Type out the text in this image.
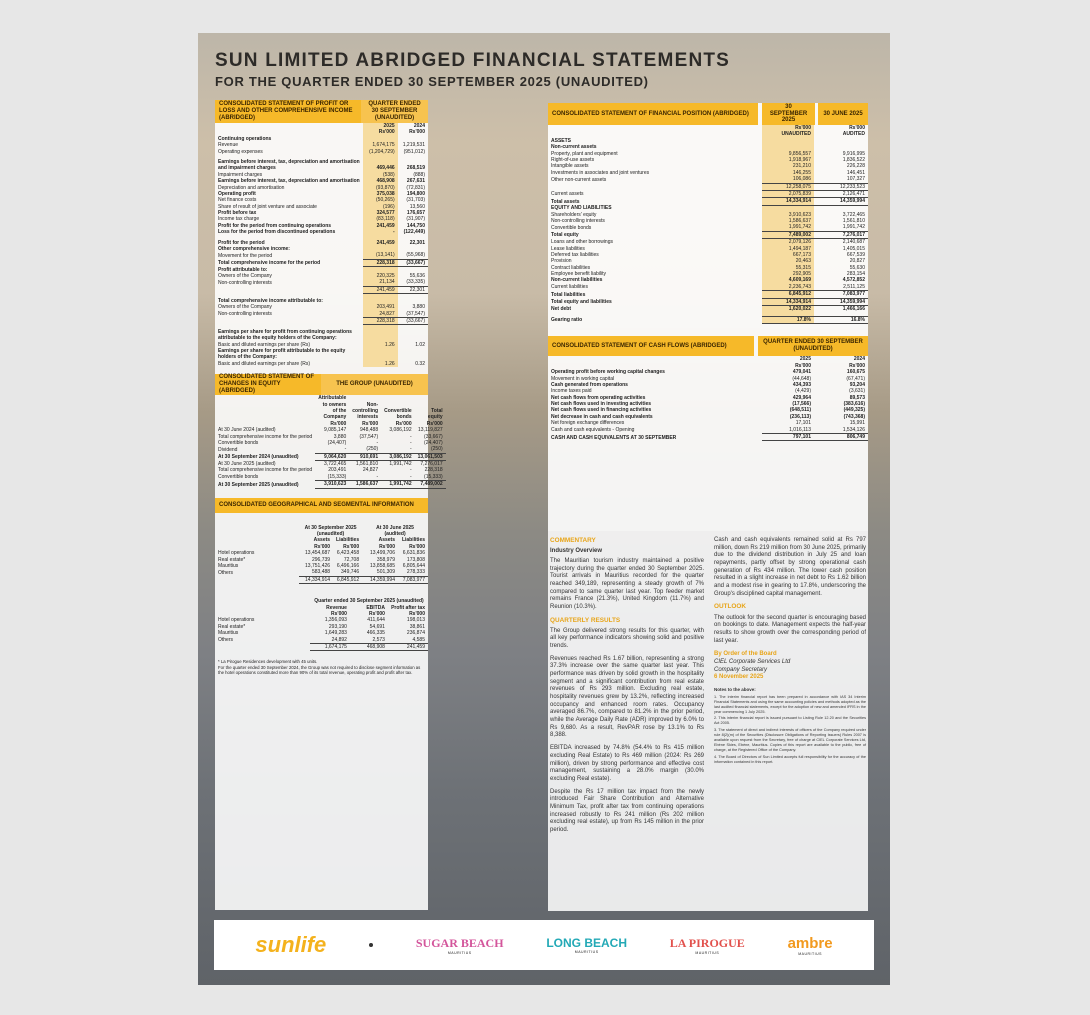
SUN LIMITED ABRIDGED FINANCIAL STATEMENTS
FOR THE QUARTER ENDED 30 SEPTEMBER 2025 (UNAUDITED)
CONSOLIDATED STATEMENT OF PROFIT OR LOSS AND OTHER COMPREHENSIVE INCOME (ABRIDGED)
QUARTER ENDED 30 SEPTEMBER (UNAUDITED)
	2025	2024
	Rs'000	Rs'000
Continuing operations		
Revenue	1,674,175	1,219,531
Operating expenses	(1,204,729)	(951,012)

Earnings before interest, tax, depreciation and amortisation and impairment charges	469,446	268,519
Impairment charges	(538)	(888)
Earnings before interest, tax, depreciation and amortisation	468,908	267,631
Depreciation and amortisation	(93,870)	(72,831)
Operating profit	375,038	194,800
Net finance costs	(50,265)	(31,703)
Share of result of joint venture and associate	(196)	13,560
Profit before tax	324,577	176,657
Income tax charge	(83,118)	(31,907)
Profit for the period from continuing operations	241,459	144,750
Loss for the period from discontinued operations	-	(122,449)

Profit for the period	241,459	22,301
Other comprehensive income:		
Movement for the period	(13,141)	(55,968)
Total comprehensive income for the period	228,318	(33,667)
Profit attributable to:		
Owners of the Company	220,325	55,636
Non-controlling interests	21,134	(33,335)
	241,459	22,301

Total comprehensive income attributable to:		
Owners of the Company	203,491	3,880
Non-controlling interests	24,827	(37,547)
	228,318	(33,667)

Earnings per share for profit from continuing operations attributable to the equity holders of the Company:		
Basic and diluted earnings per share (Rs)	1.26	1.02
Earnings per share for profit attributable to the equity holders of the Company:		
Basic and diluted earnings per share (Rs)	1.26	0.32
CONSOLIDATED STATEMENT OF CHANGES IN EQUITY (ABRIDGED)
THE GROUP (UNAUDITED)
	Attributable to owners of the Company	Non-controlling interests	Convertible bonds	Total equity
	Rs'000	Rs'000	Rs'000	Rs'000
At 30 June 2024 (audited)	9,085,147	948,488	3,086,192	13,119,827
Total comprehensive income for the period	3,880	(37,547)	-	(33,667)
Convertible bonds	(24,407)	-	-	(24,407)
Dividend	-	(250)	-	(250)
At 30 September 2024 (unaudited)	9,064,620	910,691	3,086,192	13,061,503
At 30 June 2025 (audited)	3,722,465	1,561,810	1,991,742	7,276,017
Total comprehensive income for the period	203,491	24,827	-	228,318
Convertible bonds	(15,333)	-	-	(15,333)
At 30 September 2025 (unaudited)	3,910,623	1,586,637	1,991,742	7,489,002
CONSOLIDATED GEOGRAPHICAL AND SEGMENTAL INFORMATION
	At 30 September 2025 (unaudited)		At 30 June 2025 (audited)	
	Assets	Liabilities	Assets	Liabilities
	Rs'000	Rs'000	Rs'000	Rs'000
Hotel operations	13,454,687	6,423,458	13,499,706	6,631,836
Real estate*	296,739	72,708	358,979	173,808
Mauritius	13,751,426	6,496,166	13,858,685	6,805,644
Others	583,488	349,746	501,309	278,333
	14,334,914	6,845,912	14,359,994	7,083,977
	Quarter ended 30 September 2025 (unaudited)		
	Revenue	EBITDA	Profit after tax
	Rs'000	Rs'000	Rs'000
Hotel operations	1,356,093	411,644	198,013
Real estate*	293,190	54,691	38,861
Mauritius	1,649,283	466,335	236,874
Others	24,892	2,573	4,585
	1,674,175	468,908	241,459
* La Pirogue Residences development with 45 units.
For the quarter ended 30 September 2024, the Group was not required to disclose segment information as the hotel operations constituted more than 90% of its total revenue, operating profit and profit after tax.
CONSOLIDATED STATEMENT OF FINANCIAL POSITION (ABRIDGED)
30 SEPTEMBER 2025
30 JUNE 2025
	Rs'000	Rs'000
	UNAUDITED	AUDITED
ASSETS		
Non-current assets		
Property, plant and equipment	9,856,557	9,916,995
Right-of-use assets	1,918,967	1,836,522
Intangible assets	231,210	226,228
Investments in associates and joint ventures	146,255	146,451
Other non-current assets	106,086	107,327
	12,258,075	12,233,523
Current assets	2,075,839	2,126,471
Total assets	14,334,914	14,359,994
EQUITY AND LIABILITIES		
Shareholders' equity	3,910,623	3,722,465
Non-controlling interests	1,586,637	1,561,810
Convertible bonds	1,991,742	1,991,742
Total equity	7,489,002	7,276,017
Loans and other borrowings	2,079,126	2,140,687
Lease liabilities	1,494,187	1,405,015
Deferred tax liabilities	667,173	667,539
Provision	20,463	20,827
Contract liabilities	55,315	55,630
Employee benefit liability	292,905	283,154
Non-current liabilities	4,609,169	4,572,852
Current liabilities	2,236,743	2,511,125
Total liabilities	6,845,912	7,083,977
Total equity and liabilities	14,334,914	14,359,994
Net debt	1,620,022	1,466,166

Gearing ratio	17.8%	16.8%
CONSOLIDATED STATEMENT OF CASH FLOWS (ABRIDGED)
QUARTER ENDED 30 SEPTEMBER (UNAUDITED)
	2025	2024
	Rs'000	Rs'000
Operating profit before working capital changes	479,041	160,675
Movement in working capital	(44,648)	(67,471)
Cash generated from operations	434,393	93,204
Income taxes paid	(4,429)	(3,631)
Net cash flows from operating activities	429,964	89,573
Net cash flows used in investing activities	(17,566)	(383,616)
Net cash flows used in financing activities	(648,511)	(449,325)
Net decrease in cash and cash equivalents	(236,113)	(743,368)
Net foreign exchange differences	17,101	15,991
Cash and cash equivalents - Opening	1,016,113	1,534,126
CASH AND CASH EQUIVALENTS AT 30 SEPTEMBER	797,101	806,749
COMMENTARY
Industry Overview

The Mauritian tourism industry maintained a positive trajectory during the quarter ended 30 September 2025. Tourist arrivals in Mauritius recorded for the quarter reached 349,189, representing a steady growth of 7% compared to same quarter last year. Top feeder market remains France (21.3%), United Kingdom (11.7%) and Reunion (10.3%).

QUARTERLY RESULTS

The Group delivered strong results for this quarter, with all key performance indicators showing solid and positive trends.

Revenues reached Rs 1.67 billion, representing a strong 37.3% increase over the same quarter last year. This performance was driven by solid growth in the hospitality segment and a significant contribution from real estate revenues of Rs 293 million. Excluding real estate, hospitality revenues grew by 13.2%, reflecting increased occupancy and enhanced room rates. Occupancy averaged 86.7%, compared to 81.2% in the prior period, while the Average Daily Rate (ADR) improved by 6.0% to Rs 9,680. As a result, RevPAR rose by 13.1% to Rs 8,388.

EBITDA increased by 74.8% (54.4% to Rs 415 million excluding Real Estate) to Rs 469 million (2024: Rs 269 million), driven by strong performance and effective cost management, sustaining a 28.0% margin (30.0% excluding Real estate).

Despite the Rs 17 million tax impact from the newly introduced Fair Share Contribution and Alternative Minimum Tax, profit after tax from continuing operations increased robustly to Rs 241 million (Rs 202 million excluding real estate), up from Rs 145 million in the prior period.

Cash and cash equivalents remained solid at Rs 797 million, down Rs 219 million from 30 June 2025, primarily due to the dividend distribution in July 25 and loan repayments, partly offset by strong operational cash generation of Rs 434 million. The lower cash position resulted in a slight increase in net debt to Rs 1.62 billion and a modest rise in gearing to 17.8%, underscoring the Group's disciplined capital management.

OUTLOOK

The outlook for the second quarter is encouraging based on bookings to date. Management expects the half-year results to show growth over the corresponding period of last year.

By Order of the Board
CIEL Corporate Services Ltd
Company Secretary
6 November 2025
Notes to the above:

1. The interim financial report has been prepared in accordance with IAS 34 Interim Financial Statements and using the same accounting policies and methods adopted as the last audited financial statements, except for the adoption of new and amended IFRS in the year commencing 1 July 2025.

2. This interim financial report is issued pursuant to Listing Rule 12.20 and the Securities Act 2005.

3. The statement of direct and indirect interests of officers of the Company required under rule 8(2)(m) of the Securities (Disclosure Obligations of Reporting Issuers) Rules 2007 is available upon request from the Secretary, free of charge at CIEL Corporate Services Ltd, Ebène Skies, Ebène, Mauritius. Copies of this report are available to the public, free of charge, at the Registered Office of the Company.

4. The Board of Directors of Sun Limited accepts full responsibility for the accuracy of the information contained in this report.

sunlife	SUGAR BEACH
MAURITIUS
LONG BEACH
MAURITIUS
LA PIROGUE
MAURITIUS
ambre
MAURITIUS
